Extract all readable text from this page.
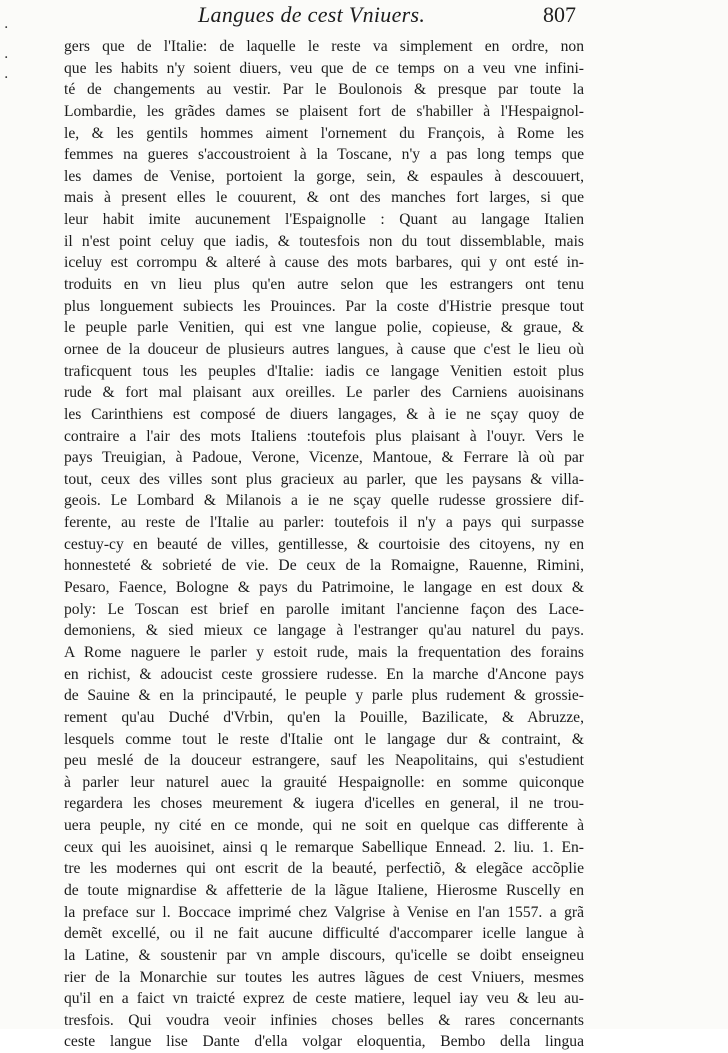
·
·
·
Langues de cest Vniuers.	807
gers que de l'Italie: de laquelle le reste va simplement en ordre, non
que les habits n'y soient diuers, veu que de ce temps on a veu vne infini-
té de changements au vestir. Par le Boulonois & presque par toute la
Lombardie, les grãdes dames se plaisent fort de s'habiller à l'Hespaignol-
le, & les gentils hommes aiment l'ornement du François, à Rome les
femmes na gueres s'accoustroient à la Toscane, n'y a pas long temps que
les dames de Venise, portoient la gorge, sein, & espaules à descouuert,
mais à present elles le couurent, & ont des manches fort larges, si que
leur habit imite aucunement l'Espaignolle : Quant au langage Italien
il n'est point celuy que iadis, & toutesfois non du tout dissemblable, mais
iceluy est corrompu & alteré à cause des mots barbares, qui y ont esté in-
troduits en vn lieu plus qu'en autre selon que les estrangers ont tenu
plus longuement subiects les Prouinces. Par la coste d'Histrie presque tout
le peuple parle Venitien, qui est vne langue polie, copieuse, & graue, &
ornee de la douceur de plusieurs autres langues, à cause que c'est le lieu où
traficquent tous les peuples d'Italie: iadis ce langage Venitien estoit plus
rude & fort mal plaisant aux oreilles. Le parler des Carniens auoisinans
les Carinthiens est composé de diuers langages, & à ie ne sçay quoy de
contraire a l'air des mots Italiens :toutefois plus plaisant à l'ouyr. Vers le
pays Treuigian, à Padoue, Verone, Vicenze, Mantoue, & Ferrare là où par
tout, ceux des villes sont plus gracieux au parler, que les paysans & villa-
geois. Le Lombard & Milanois a ie ne sçay quelle rudesse grossiere dif-
ferente, au reste de l'Italie au parler: toutefois il n'y a pays qui surpasse
cestuy-cy en beauté de villes, gentillesse, & courtoisie des citoyens, ny en
honnesteté & sobrieté de vie. De ceux de la Romaigne, Rauenne, Rimini,
Pesaro, Faence, Bologne & pays du Patrimoine, le langage en est doux &
poly: Le Toscan est brief en parolle imitant l'ancienne façon des Lace-
demoniens, & sied mieux ce langage à l'estranger qu'au naturel du pays.
A Rome naguere le parler y estoit rude, mais la frequentation des forains
en richist, & adoucist ceste grossiere rudesse. En la marche d'Ancone pays
de Sauine & en la principauté, le peuple y parle plus rudement & grossie-
rement qu'au Duché d'Vrbin, qu'en la Pouille, Bazilicate, & Abruzze,
lesquels comme tout le reste d'Italie ont le langage dur & contraint, &
peu meslé de la douceur estrangere, sauf les Neapolitains, qui s'estudient
à parler leur naturel auec la grauité Hespaignolle: en somme quiconque
regardera les choses meurement & iugera d'icelles en general, il ne trou-
uera peuple, ny cité en ce monde, qui ne soit en quelque cas differente à
ceux qui les auoisinet, ainsi q le remarque Sabellique Ennead. 2. liu. 1. En-
tre les modernes qui ont escrit de la beauté, perfectiõ, & elegãce accõplie
de toute mignardise & affetterie de la lãgue Italiene, Hierosme Ruscelly en
la preface sur l. Boccace imprimé chez Valgrise à Venise en l'an 1557. a grã
demẽt excellé, ou il ne fait aucune difficulté d'accomparer icelle langue à
la Latine, & soustenir par vn ample discours, qu'icelle se doibt enseigneu
rier de la Monarchie sur toutes les autres lãgues de cest Vniuers, mesmes
qu'il en a faict vn traicté exprez de ceste matiere, lequel iay veu & leu au-
tresfois. Qui voudra veoir infinies choses belles & rares concernants
ceste langue lise Dante d'ella volgar eloquentia, Bembo della lingua
